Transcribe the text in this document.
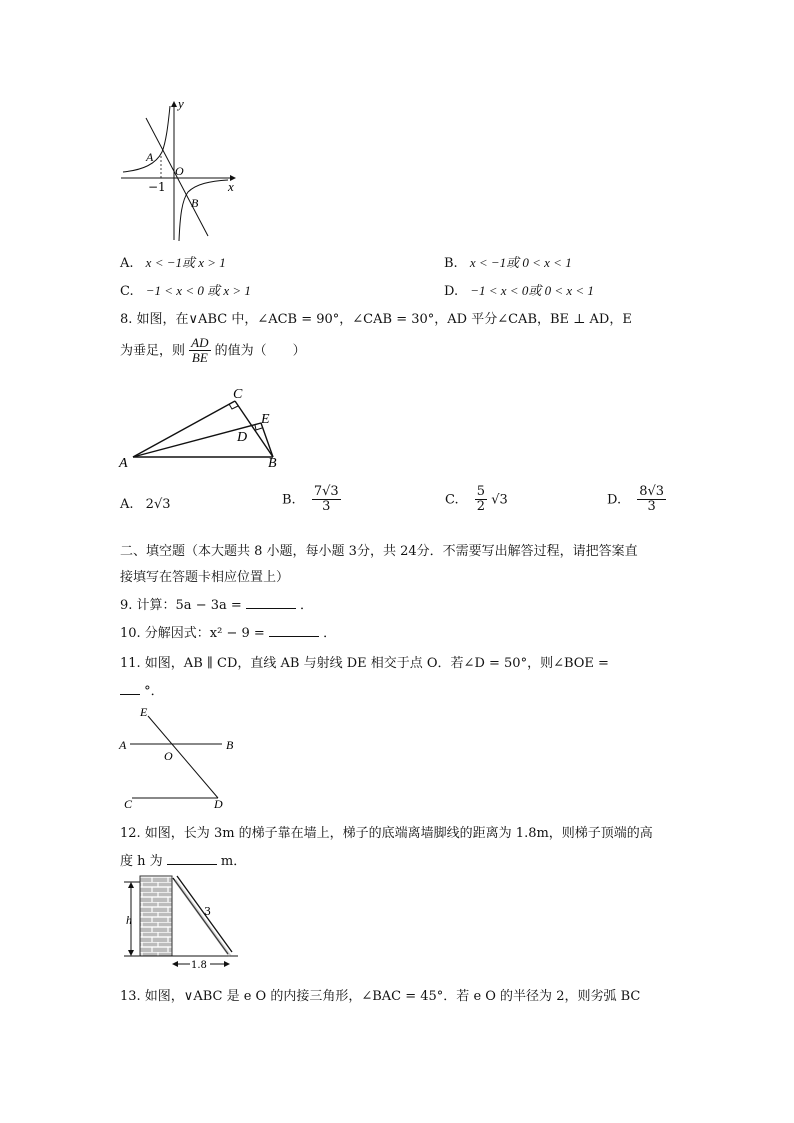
y
x
O
A
B
−1
A. x < −1或 x > 1	B. x < −1或 0 < x < 1
C. −1 < x < 0 或 x > 1	D. −1 < x < 0或 0 < x < 1
8. 如图，在∨ABC 中，∠ACB = 90°，∠CAB = 30°，AD 平分∠CAB，BE ⊥ AD，E
为垂足，则 $\frac{AD}{BE}$ 的值为（　　）
A	B
C
D
E
A. 2√3	B. $\frac{7√3}{3}$	C. $\frac{5}{2} √3$	D. $\frac{8√3}{3}$
二、填空题（本大题共 8 小题，每小题 3分，共 24分．不需要写出解答过程，请把答案直
接填写在答题卡相应位置上）
9. 计算：5a − 3a =	．
10. 分解因式：x² − 9 =	．
11. 如图，AB ∥ CD，直线 AB 与射线 DE 相交于点 O．若∠D = 50°，则∠BOE =
°．
E
A
O
B
C	D
12. 如图，长为 3m 的梯子靠在墙上，梯子的底端离墙脚线的距离为 1.8m，则梯子顶端的高
度 h 为	m．
h
3
1.8
13. 如图，∨ABC 是 e O 的内接三角形，∠BAC = 45°．若 e O 的半径为 2，则劣弧 BC
